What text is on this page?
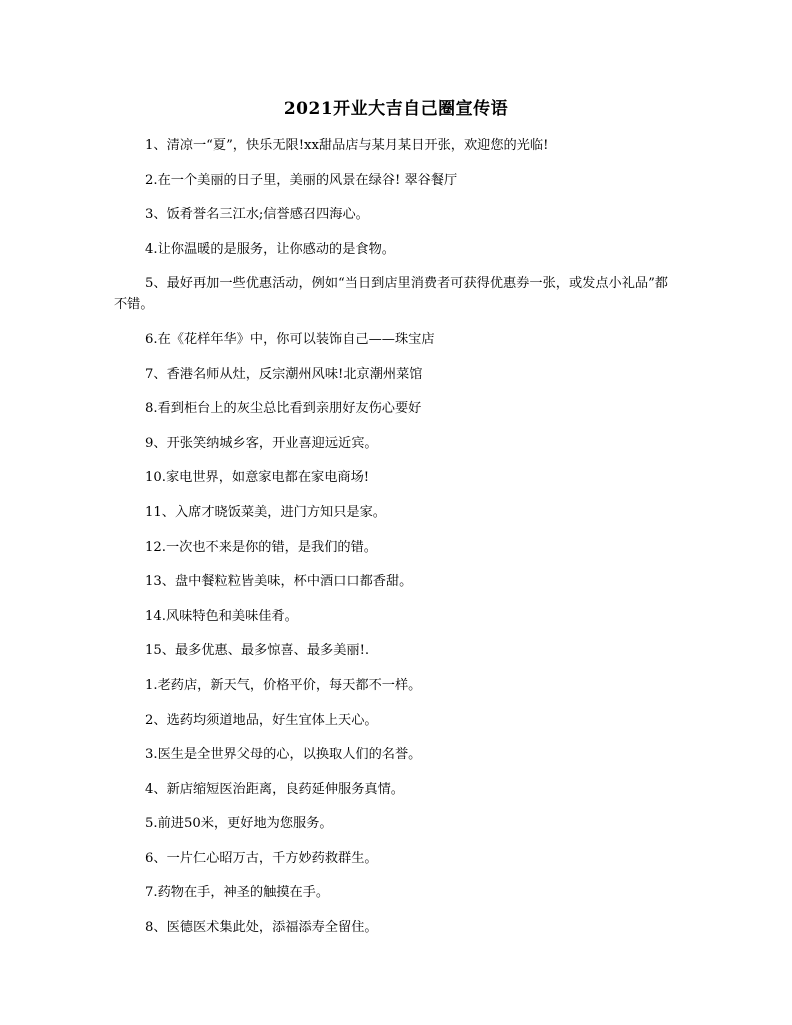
2021开业大吉自己圈宣传语

1、清凉一“夏”，快乐无限!xx甜品店与某月某日开张，欢迎您的光临!

2.在一个美丽的日子里，美丽的风景在绿谷! 翠谷餐厅

3、饭肴誉名三江水;信誉感召四海心。

4.让你温暖的是服务，让你感动的是食物。

5、最好再加一些优惠活动，例如“当日到店里消费者可获得优惠券一张，或发点小礼品”都不错。

6.在《花样年华》中，你可以装饰自己——珠宝店

7、香港名师从灶，反宗潮州风味!北京潮州菜馆

8.看到柜台上的灰尘总比看到亲朋好友伤心要好

9、开张笑纳城乡客，开业喜迎远近宾。

10.家电世界，如意家电都在家电商场!

11、入席才晓饭菜美，进门方知只是家。

12.一次也不来是你的错，是我们的错。

13、盘中餐粒粒皆美味，杯中酒口口都香甜。

14.风味特色和美味佳肴。

15、最多优惠、最多惊喜、最多美丽!.

1.老药店，新天气，价格平价，每天都不一样。

2、选药均须道地品，好生宜体上天心。

3.医生是全世界父母的心，以换取人们的名誉。

4、新店缩短医治距离，良药延伸服务真情。

5.前进50米，更好地为您服务。

6、一片仁心昭万古，千方妙药救群生。

7.药物在手，神圣的触摸在手。

8、医德医术集此处，添福添寿全留住。
